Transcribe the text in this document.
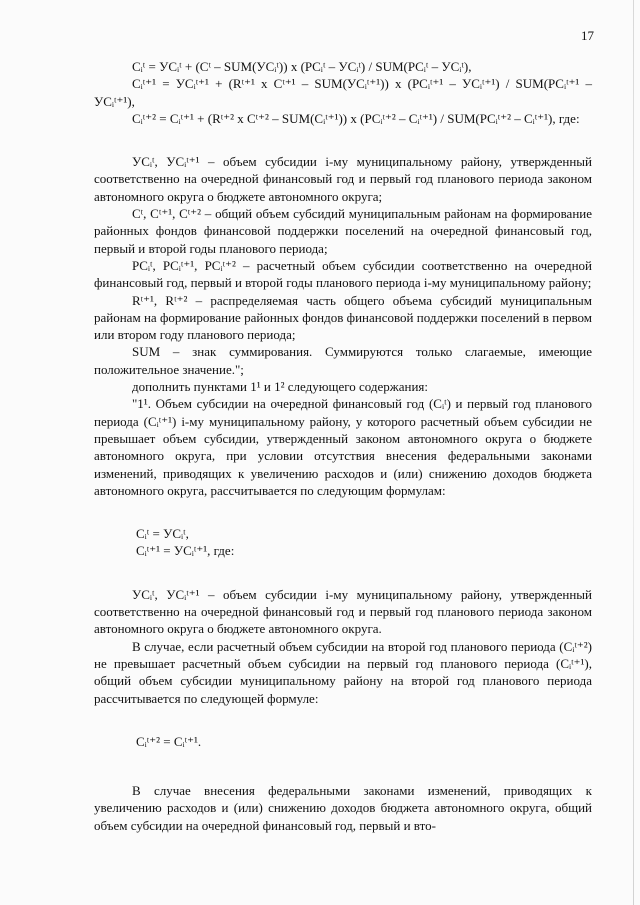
17

Cᵢᵗ = УСᵢᵗ + (Cᵗ – SUM(УСᵢᵗ)) x (PCᵢᵗ – УСᵢᵗ) / SUM(PCᵢᵗ – УСᵢᵗ),

Cᵢᵗ⁺¹ = УСᵢᵗ⁺¹ + (Rᵗ⁺¹ x Cᵗ⁺¹ – SUM(УСᵢᵗ⁺¹)) x (PCᵢᵗ⁺¹ – УСᵢᵗ⁺¹) / SUM(PCᵢᵗ⁺¹ – УСᵢᵗ⁺¹),

Cᵢᵗ⁺² = Cᵢᵗ⁺¹ + (Rᵗ⁺² x Cᵗ⁺² – SUM(Cᵢᵗ⁺¹)) x (PCᵢᵗ⁺² – Cᵢᵗ⁺¹) / SUM(PCᵢᵗ⁺² – Cᵢᵗ⁺¹), где:

УСᵢᵗ, УСᵢᵗ⁺¹ – объем субсидии i-му муниципальному району, утвержденный соответственно на очередной финансовый год и первый год планового периода законом автономного округа о бюджете автономного округа;

Cᵗ, Cᵗ⁺¹, Cᵗ⁺² – общий объем субсидий муниципальным районам на формирование районных фондов финансовой поддержки поселений на очередной финансовый год, первый и второй годы планового периода;

PCᵢᵗ, PCᵢᵗ⁺¹, PCᵢᵗ⁺² – расчетный объем субсидии соответственно на очередной финансовый год, первый и второй годы планового периода i-му муниципальному району;

Rᵗ⁺¹, Rᵗ⁺² – распределяемая часть общего объема субсидий муниципальным районам на формирование районных фондов финансовой поддержки поселений в первом или втором году планового периода;

SUM – знак суммирования. Суммируются только слагаемые, имеющие положительное значение.";

дополнить пунктами 1¹ и 1² следующего содержания:

"1¹. Объем субсидии на очередной финансовый год (Cᵢᵗ) и первый год планового периода (Cᵢᵗ⁺¹) i-му муниципальному району, у которого расчетный объем субсидии не превышает объем субсидии, утвержденный законом автономного округа о бюджете автономного округа, при условии отсутствия внесения федеральными законами изменений, приводящих к увеличению расходов и (или) снижению доходов бюджета автономного округа, рассчитывается по следующим формулам:

Cᵢᵗ = УСᵢᵗ,

Cᵢᵗ⁺¹ = УСᵢᵗ⁺¹, где:

УСᵢᵗ, УСᵢᵗ⁺¹ – объем субсидии i-му муниципальному району, утвержденный соответственно на очередной финансовый год и первый год планового периода законом автономного округа о бюджете автономного округа.

В случае, если расчетный объем субсидии на второй год планового периода (Cᵢᵗ⁺²) не превышает расчетный объем субсидии на первый год планового периода (Cᵢᵗ⁺¹), общий объем субсидии муниципальному району на второй год планового периода рассчитывается по следующей формуле:

Cᵢᵗ⁺² = Cᵢᵗ⁺¹.

В случае внесения федеральными законами изменений, приводящих к увеличению расходов и (или) снижению доходов бюджета автономного округа, общий объем субсидии на очередной финансовый год, первый и вто-
